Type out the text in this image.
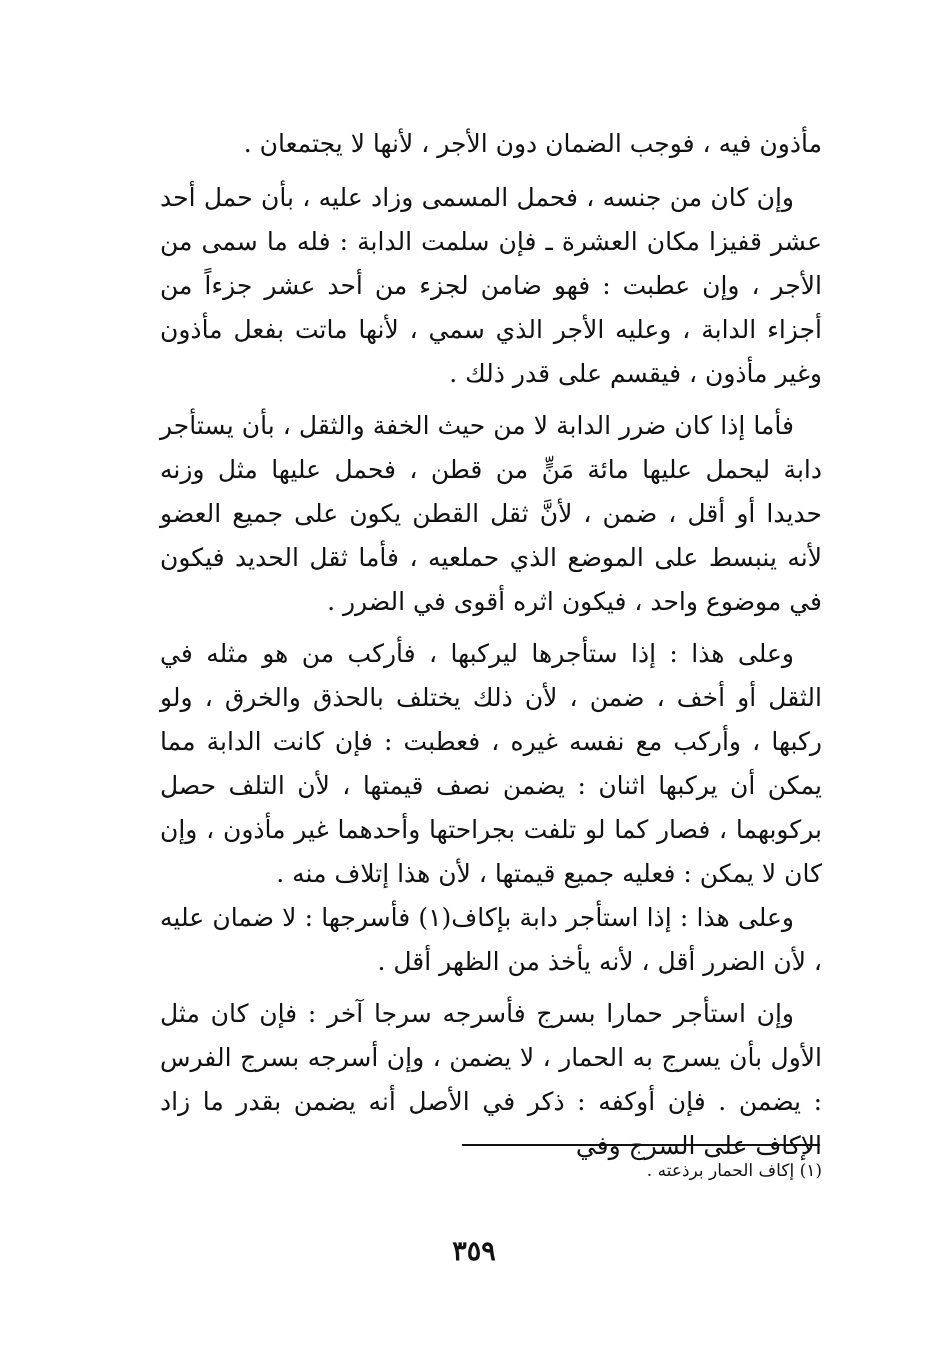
مأذون فيه ، فوجب الضمان دون الأجر ، لأنها لا يجتمعان .

وإن كان من جنسه ، فحمل المسمى وزاد عليه ، بأن حمل أحد عشر قفيزا مكان العشرة ـ فإن سلمت الدابة : فله ما سمى من الأجر ، وإن عطبت : فهو ضامن لجزء من أحد عشر جزءاً من أجزاء الدابة ، وعليه الأجر الذي سمي ، لأنها ماتت بفعل مأذون وغير مأذون ، فيقسم على قدر ذلك .

فأما إذا كان ضرر الدابة لا من حيث الخفة والثقل ، بأن يستأجر دابة ليحمل عليها مائة مَنٍّ من قطن ، فحمل عليها مثل وزنه حديدا أو أقل ، ضمن ، لأنَّ ثقل القطن يكون على جميع العضو لأنه ينبسط على الموضع الذي حملعيه ، فأما ثقل الحديد فيكون في موضوع واحد ، فيكون اثره أقوى في الضرر .

وعلى هذا : إذا ستأجرها ليركبها ، فأركب من هو مثله في الثقل أو أخف ، ضمن ، لأن ذلك يختلف بالحذق والخرق ، ولو ركبها ، وأركب مع نفسه غيره ، فعطبت : فإن كانت الدابة مما يمكن أن يركبها اثنان : يضمن نصف قيمتها ، لأن التلف حصل بركوبهما ، فصار كما لو تلفت بجراحتها وأحدهما غير مأذون ، وإن كان لا يمكن : فعليه جميع قيمتها ، لأن هذا إتلاف منه .

وعلى هذا : إذا استأجر دابة بإكاف(١) فأسرجها : لا ضمان عليه ، لأن الضرر أقل ، لأنه يأخذ من الظهر أقل .

وإن استأجر حمارا بسرج فأسرجه سرجا آخر : فإن كان مثل الأول بأن يسرج به الحمار ، لا يضمن ، وإن أسرجه بسرج الفرس : يضمن . فإن أوكفه : ذكر في الأصل أنه يضمن بقدر ما زاد الإكاف على السرج وفي

(١) إكاف الحمار برذعته .
٣٥٩
